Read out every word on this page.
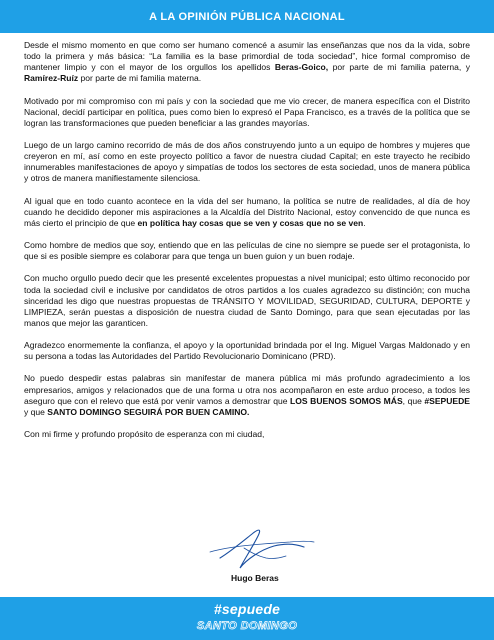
A LA OPINIÓN PÚBLICA NACIONAL

Desde el mismo momento en que como ser humano comencé a asumir las enseñanzas que nos da la vida, sobre todo la primera y más básica: “La familia es la base primordial de toda sociedad”, hice formal compromiso de mantener limpio y con el mayor de los orgullos los apellidos Beras-Goico, por parte de mi familia paterna, y Ramírez-Ruíz por parte de mi familia materna.

Motivado por mi compromiso con mi país y con la sociedad que me vio crecer, de manera específica con el Distrito Nacional, decidí participar en política, pues como bien lo expresó el Papa Francisco, es a través de la política que se logran las transformaciones que pueden beneficiar a las grandes mayorías.

Luego de un largo camino recorrido de más de dos años construyendo junto a un equipo de hombres y mujeres que creyeron en mí, así como en este proyecto político a favor de nuestra ciudad Capital; en este trayecto he recibido innumerables manifestaciones de apoyo y simpatías de todos los sectores de esta sociedad, unos de manera pública y otros de manera manifiestamente silenciosa.

Al igual que en todo cuanto acontece en la vida del ser humano, la política se nutre de realidades, al día de hoy cuando he decidido deponer mis aspiraciones a la Alcaldía del Distrito Nacional, estoy convencido de que nunca es más cierto el principio de que en política hay cosas que se ven y cosas que no se ven.

Como hombre de medios que soy, entiendo que en las películas de cine no siempre se puede ser el protagonista, lo que si es posible siempre es colaborar para que tenga un buen guion y un buen rodaje.

Con mucho orgullo puedo decir que les presenté excelentes propuestas a nivel municipal; esto último reconocido por toda la sociedad civil e inclusive por candidatos de otros partidos a los cuales agradezco su distinción; con mucha sinceridad les digo que nuestras propuestas de TRÁNSITO Y MOVILIDAD, SEGURIDAD, CULTURA, DEPORTE y LIMPIEZA, serán puestas a disposición de nuestra ciudad de Santo Domingo, para que sean ejecutadas por las manos que mejor las garanticen.

Agradezco enormemente la confianza, el apoyo y la oportunidad brindada por el Ing. Miguel Vargas Maldonado y en su persona a todas las Autoridades del Partido Revolucionario Dominicano (PRD).

No puedo despedir estas palabras sin manifestar de manera pública mi más profundo agradecimiento a los empresarios, amigos y relacionados que de una forma u otra nos acompañaron en este arduo proceso, a todos les aseguro que con el relevo que está por venir vamos a demostrar que LOS BUENOS SOMOS MÁS, que #SEPUEDE y que SANTO DOMINGO SEGUIRÁ POR BUEN CAMINO.

Con mi firme y profundo propósito de esperanza con mi ciudad,

Hugo Beras
#sepuede
SANTO DOMINGO
